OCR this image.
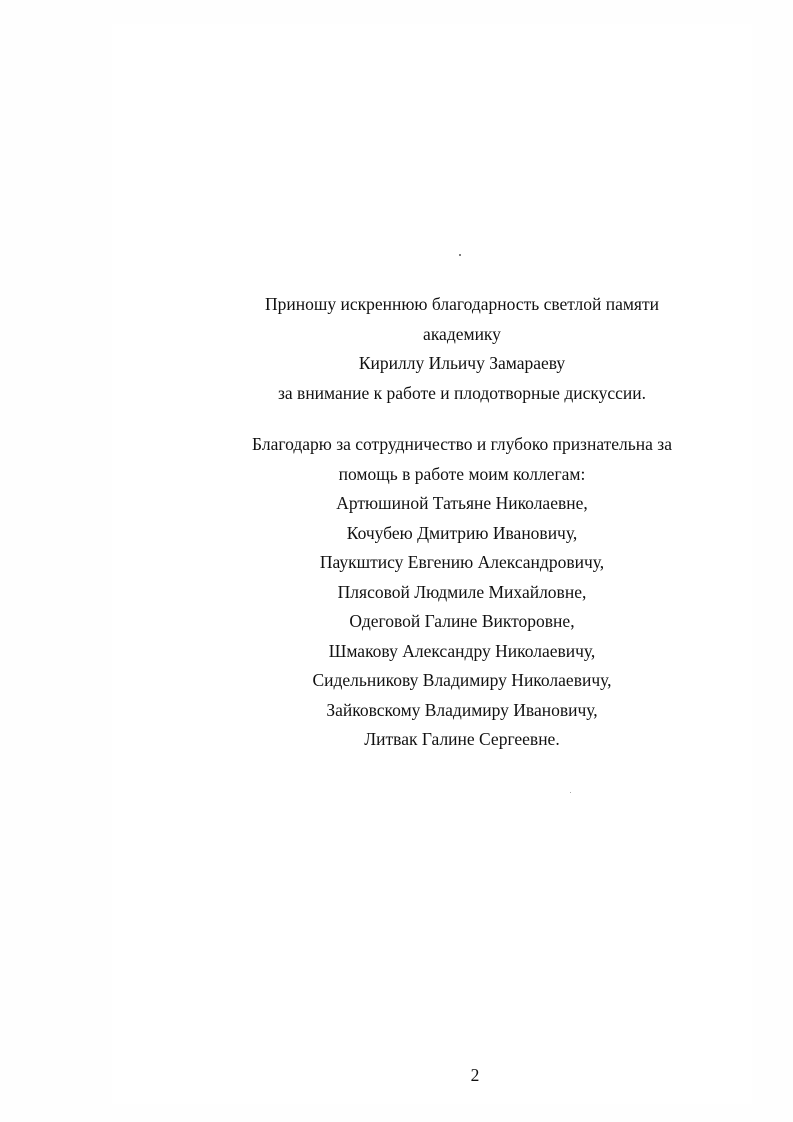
Приношу искреннюю благодарность светлой памяти
академику
Кириллу Ильичу Замараеву
за внимание к работе и плодотворные дискуссии.
Благодарю за сотрудничество и глубоко признательна за
помощь в работе моим коллегам:
Артюшиной Татьяне Николаевне,
Кочубею Дмитрию Ивановичу,
Паукштису Евгению Александровичу,
Плясовой Людмиле Михайловне,
Одеговой Галине Викторовне,
Шмакову Александру Николаевичу,
Сидельникову Владимиру Николаевичу,
Зайковскому Владимиру Ивановичу,
Литвак Галине Сергеевне.
2
